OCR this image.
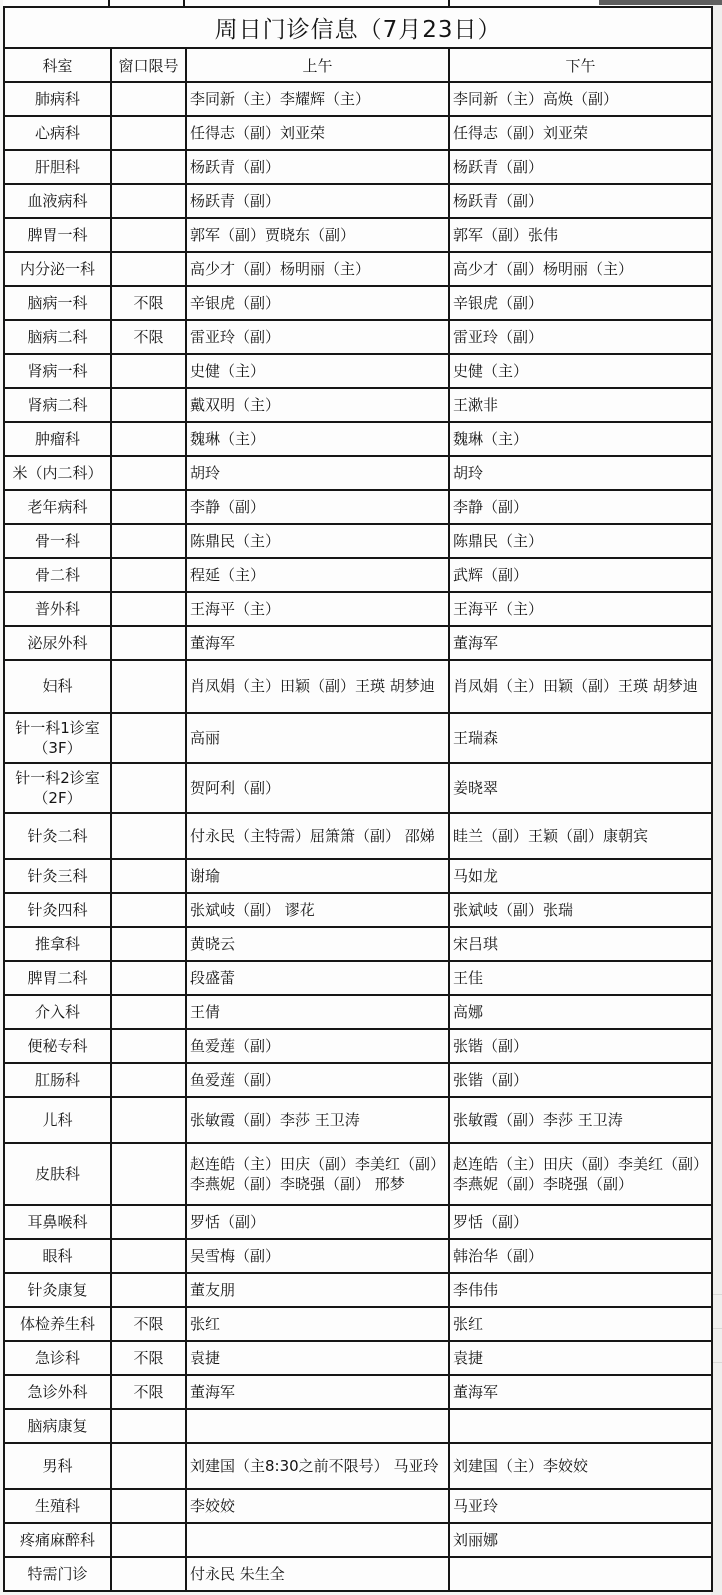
周日门诊信息（7月23日）			
科室	窗口限号	上午	下午
肺病科		李同新（主）李耀辉（主）	李同新（主）高焕（副）
心病科		任得志（副）刘亚荣	任得志（副）刘亚荣
肝胆科		杨跃青（副）	杨跃青（副）
血液病科		杨跃青（副）	杨跃青（副）
脾胃一科		郭军（副）贾晓东（副）	郭军（副）张伟
内分泌一科		高少才（副）杨明丽（主）	高少才（副）杨明丽（主）
脑病一科	不限	辛银虎（副）	辛银虎（副）
脑病二科	不限	雷亚玲（副）	雷亚玲（副）
肾病一科		史健（主）	史健（主）
肾病二科		戴双明（主）	王漱非
肿瘤科		魏琳（主）	魏琳（主）
米（内二科）		胡玲	胡玲
老年病科		李静（副）	李静（副）
骨一科		陈鼎民（主）	陈鼎民（主）
骨二科		程延（主）	武辉（副）
普外科		王海平（主）	王海平（主）
泌尿外科		董海军	董海军
妇科		肖凤娟（主）田颖（副）王瑛 胡梦迪	肖凤娟（主）田颖（副）王瑛 胡梦迪
针一科1诊室（3F）		高丽	王瑞森
针一科2诊室（2F）		贺阿利（副）	姜晓翠
针灸二科		付永民（主特需）屈箫箫（副） 邵娣	眭兰（副）王颖（副）康朝宾
针灸三科		谢瑜	马如龙
针灸四科		张斌岐（副） 谬花	张斌岐（副）张瑞
推拿科		黄晓云	宋吕琪
脾胃二科		段盛蕾	王佳
介入科		王倩	高娜
便秘专科		鱼爱莲（副）	张锴（副）
肛肠科		鱼爱莲（副）	张锴（副）
儿科		张敏霞（副）李莎 王卫涛	张敏霞（副）李莎 王卫涛
皮肤科		赵连皓（主）田庆（副）李美红（副）李燕妮（副）李晓强（副） 邢梦	赵连皓（主）田庆（副）李美红（副）李燕妮（副）李晓强（副）
耳鼻喉科		罗恬（副）	罗恬（副）
眼科		吴雪梅（副）	韩治华（副）
针灸康复		董友朋	李伟伟
体检养生科	不限	张红	张红
急诊科	不限	袁捷	袁捷
急诊外科	不限	董海军	董海军
脑病康复			
男科		刘建国（主8:30之前不限号） 马亚玲	刘建国（主）李姣姣
生殖科		李姣姣	马亚玲
疼痛麻醉科			刘丽娜
特需门诊		付永民 朱生全	
